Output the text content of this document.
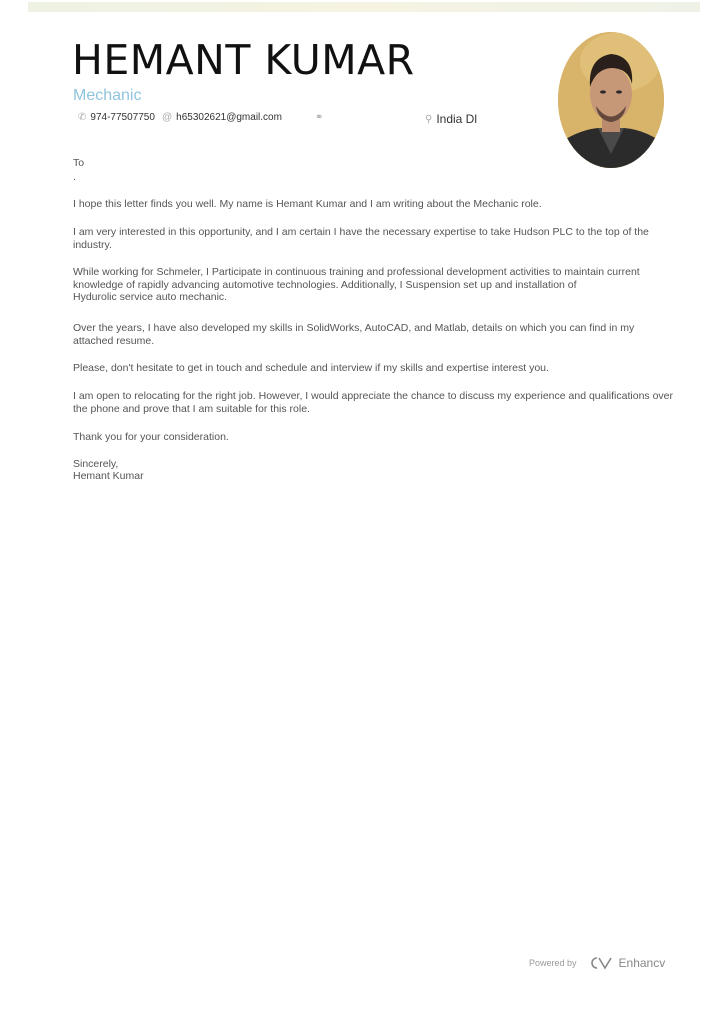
HEMANT KUMAR
Mechanic
✆ 974-77507750 @ h65302621@gmail.com	⚭	⚲ India Dl
To
.
I hope this letter finds you well. My name is Hemant Kumar and I am writing about the Mechanic role.
I am very interested in this opportunity, and I am certain I have the necessary expertise to take Hudson PLC to the top of the industry.
While working for Schmeler, I Participate in continuous training and professional development activities to maintain current knowledge of rapidly advancing automotive technologies. Additionally, I Suspension set up and installation of
Hydurolic service auto mechanic.
Over the years, I have also developed my skills in SolidWorks, AutoCAD, and Matlab, details on which you can find in my attached resume.
Please, don't hesitate to get in touch and schedule and interview if my skills and expertise interest you.
I am open to relocating for the right job. However, I would appreciate the chance to discuss my experience and qualifications over the phone and prove that I am suitable for this role.
Thank you for your consideration.
Sincerely,
Hemant Kumar
Powered by	Enhancv
